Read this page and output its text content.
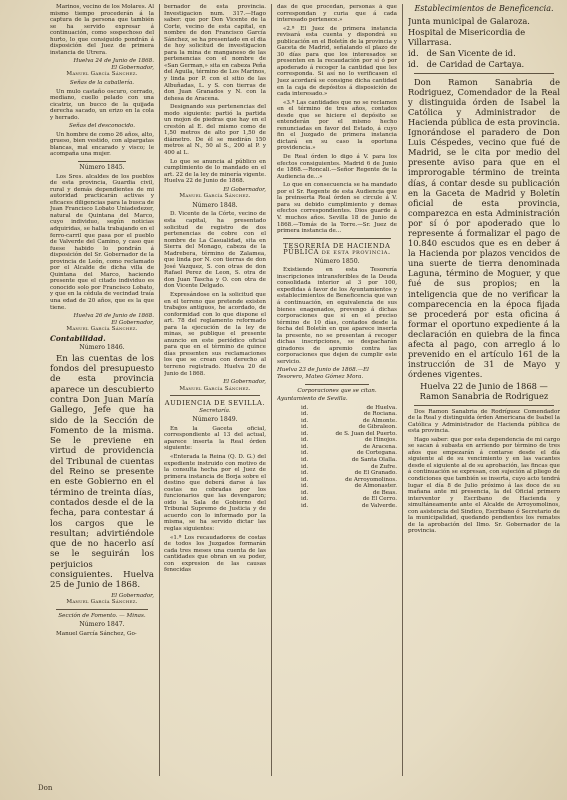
Marinos, vecino de los Molares. Al mismo tiempo procederán á la captura de la persona que también se ha servido expresar á continuación, como sospechoso del hurto, lo que consiguido pondrán á disposición del Juez de primera instancia de Utrera.

Huelva 24 de Junio de 1868.

El Gobernador,

Manuel García Sánchez.

Señas de la caballería.

Un mulo castaño oscuro, cerrado, mediano, cuello pelado con una cicatriz, un bucco de la quijada derecha sacado, un erizo en la cola y herrado.

Señas del desconocido.

Un hombre de como 26 años, alto, grueso, bien vestido, con alpargatas blancas, mal encarado y visco; le acompaña una mujer.

Número 1845.

Los Sres. alcaldes de los pueblos de esta provincia, Guardia civil, rural y demás dependientes de mi autoridad practicarán activas y eficaces diligencias para la busca de Juan Francisco Lobato Uniadedezer, natural de Quintana del Marco, cuyo individuo, según noticias adquiridas, se halla trabajando en el ferro-carril que pasa por el pueblo de Valverde del Camino, y caso que fuese habido lo pondrán á disposición del Sr. Gobernador de la provincia de León, como reclamado por el Alcalde de dicha villa de Quintana del Marco, haciendo presente que el citado individuo es conocido solo por Francisco Lobato, y que en la cédula de vecindad traía una edad de 20 años, que es la que tiene.

Huelva 26 de Junio de 1868.

El Gobernador,

Manuel García Sánchez.

Contabilidad.

Número 1846.

En las cuentas de los fondos del presupuesto de esta provincia aparece un descubierto contra Don Juan María Gallego, Jefe que ha sido de la Sección de Fomento de la misma. Se le previene en virtud de providencia del Tribunal de cuentas del Reino se presente en este Gobierno en el término de treinta días, contados desde el de la fecha, para contestar á los cargos que le resultan; advirtiéndole que de no hacerlo así se le seguirán los perjuicios consiguientes. Huelva 25 de Junio de 1868.

El Gobernador,

Manuel García Sánchez.

Sección de Fomento. — Minas.

Número 1847.

Manuel García Sánchez, Go-

bernador de esta provincia. Investigacion num. 317.—Hago saber: que por Don Vicente de la Corte, vecino de esta capital, en nombre de don Francisco García Sánchez, se ha presentado en el dia de hoy solicitud de investigacion para la mina de manganeso de las pertenencias con el nombre de «San German,» sita en cabeza Peña del Aguila, término de Los Marinos, y linda por P. con el sitio de las Albuñadas, L. y S. con tierras de don Juan Granados y N. con la dehesa de Aracena.

Designando sus pertenencias del modo siguiente: partió la partida un mojon de piedras que hay en el crestón al E. del mismo como de 1,50 metros de alto por 1,50 de diámetro. De él se medirán 150 metros al N., 50 al S., 200 al P. y 400 al L.

Lo que se anuncia al público en cumplimiento de lo mandado en el art. 22 de la ley de minería vigente. Huelva 22 de Junio de 1868.

El Gobernador,

Manuel García Sánchez.

Número 1848.

D. Vicente de la Córte, vecino de esta capital, ha presentado solicitud de registro de dos pertenencias de cobre con el nombre de La Casualidad, sita en Sierra del Monago, cabeza de la Madrebera, término de Zalamea, que linda por N. con tierras de don José Vazquez, S. con otras de don Rafael Perez de Leon, S. otra de don Juan Tascha y O. con otra de don Vicente Delgado.

Expresándose en la solicitud que en el terreno que pretende existen trabajos antiguos, he acordado, de conformidad con lo que dispone el art. 78 del reglamento reformado para la ejecución de la ley de minas, se publique el presente anuncio en este periódico oficial para que en el término de quince días presenten sus reclamaciones los que se crean con derecho al terreno registrado. Huelva 20 de Junio de 1868.

El Gobernador,

Manuel García Sánchez.

AUDIENCIA DE SEVILLA.

Secretaría.

Número 1849.

En la Gaceta oficial, correspondiente al 13 del actual, aparece inserta la Real órden siguiente:

«Enterada la Reina (Q. D. G.) del expediente instruido con motivo de la consulta hecha por el Juez de primera instancia de Borja sobre el destino que deberá darse á las costas no cobradas por los funcionarios que las devengaron; oido la Sala de Gobierno del Tribunal Supremo de Justicia y de acuerdo con lo informado por la misma, se ha servido dictar las reglas siguientes:

«1.ª Los recaudadores de costas de todos los Juzgados formarán cada tres meses una cuenta de las cantidades que obran en su poder, con expresion de las causas fenecidas

das de que procedan, personas á que correspondan y curia que á cada interesado pertenece.»

«2.ª El Juez de primera instancia revisará esta cuenta y dispondrá su publicación en el Boletín de la provincia y Gaceta de Madrid, señalando el plazo de 30 días para que los interesados se presenten en la recaudación por sí ó por apoderado á recoger la cantidad que les corresponda. Si así no lo verificasen el Juez acordará se consigne dicha cantidad en la caja de depósitos á disposición de cada interesado.»

«3.ª Las cantidades que no se reclamen en el término de tres años, contados desde que se hiciere el depósito se entenderán por el mismo hecho renunciadas en favor del Estado, á cuyo fin el Juzgado de primera instancia dictará en su caso la oportuna providencia.»

De Real órden lo digo á V. para los efectos consiguientes. Madrid 6 de Junio de 1868.—Roncali.—Señor Regente de la Audiencia de...»

Lo que en consecuencia se ha mandado por el Sr. Regente de esta Audiencia que la preinserta Real órden se circule á V. para su debido cumplimiento y demas efectos correspondientes. Dios guarde á V. muchos años. Sevilla 18 de Junio de 1868.—Tomás de la Torre.—Sr. Juez de primera instancia de...

TESORERÍA DE HACIENDA PÚBLICA de esta provincia.

Número 1850.

Existiendo en esta Tesorería inscripciones intransferibles de la Deuda consolidada interior al 3 por 100, expedidas á favor de los Ayuntamientos y establecimientos de Beneficencia que van á continuación, en equivalencia de sus bienes enagenados, prevengo á dichas corporaciones que si en el preciso término de 10 días, contados desde la fecha del Boletín en que aparece inserta la presente, no se presentan á recoger dichas inscripciones, se despacharán giradores de apremio contra las corporaciones que dejen de cumplir este servicio.

Huelva 23 de Junio de 1868.—El Tesorero, Mateo Gómez Mora.

Corporaciones que se citan.

Ayuntamiento de Sevilla.

id.	de Huelva.
id.	de Rociana.
id.	de Almonte.
id.	de Gibraleon.
id.	de S. Juan del Puerto.
id.	de Hinojos.
id.	de Aracena.
id.	de Cortegana.
id.	de Santa Olalla.
id.	de Zufre.
id.	de El Granado.
id.	de Arroyomolinos.
id.	de Almonaster.
id.	de Beas.
id.	de El Cerro.
id.	de Valverde.

Establecimientos de Beneficencia.

Junta municipal de Galaroza.

Hospital de Misericordia de Villarrasa.

id. de San Vicente de id.

id. de Caridad de Cartaya.

Don Ramon Sanabria de Rodriguez, Comendador de la Real y distinguida órden de Isabel la Católica y Administrador de Hacienda pública de esta provincia. Ignorándose el paradero de Don Luis Céspedes, vecino que fué de Madrid, se le cita por medio del presente aviso para que en el improrogable término de treinta días, á contar desde su publicación en la Gaceta de Madrid y Boletín oficial de esta provincia, comparezca en esta Administración por sí ó por apoderado que lo represente á formalizar el pago de 10.840 escudos que es en deber á la Hacienda por plazos vencidos de una suerte de tierra denominada Laguna, término de Moguer, y que fué de sus propios; en la inteligencia que de no verificar la comparecencia en la época fijada se procederá por esta oficina á formar el oportuno expediente á la declaración en quiebra de la finca afecta al pago, con arreglo á lo prevenido en el artículo 161 de la instrucción de 31 de Mayo y órdenes vigentes.

Huelva 22 de Junio de 1868 — Ramon Sanabria de Rodriguez

Dos Ramon Sanabria de Rodríguez Comendador de la Real y distinguida órden Americana de Isabel la Católica y Administrador de Hacienda pública de esta provincia.

Hago saber: que por esta dependencia de mi cargo se sacan á subasta en arriendo por término de tres años que empezarán á contarse desde el día siguiente al de su vencimiento y en las vacantes desde el siguiente al de su aprobación, las fincas que á continuación se expresan, con sujeción al pliego de condiciones que también se inserta, cuyo acto tendrá lugar el día 8 de Julio próximo á las doce de su mañana ante mi presencia, la del Oficial primero interventor y Escribano de Hacienda y simultáneamente ante el Alcalde de Arroyomolinos, con asistencia del Sindico, Escribano ó Secretario de la municipalidad, quedando pendientes los remates de la aprobación del Ilmo. Sr. Gobernador de la provincia.

Don
